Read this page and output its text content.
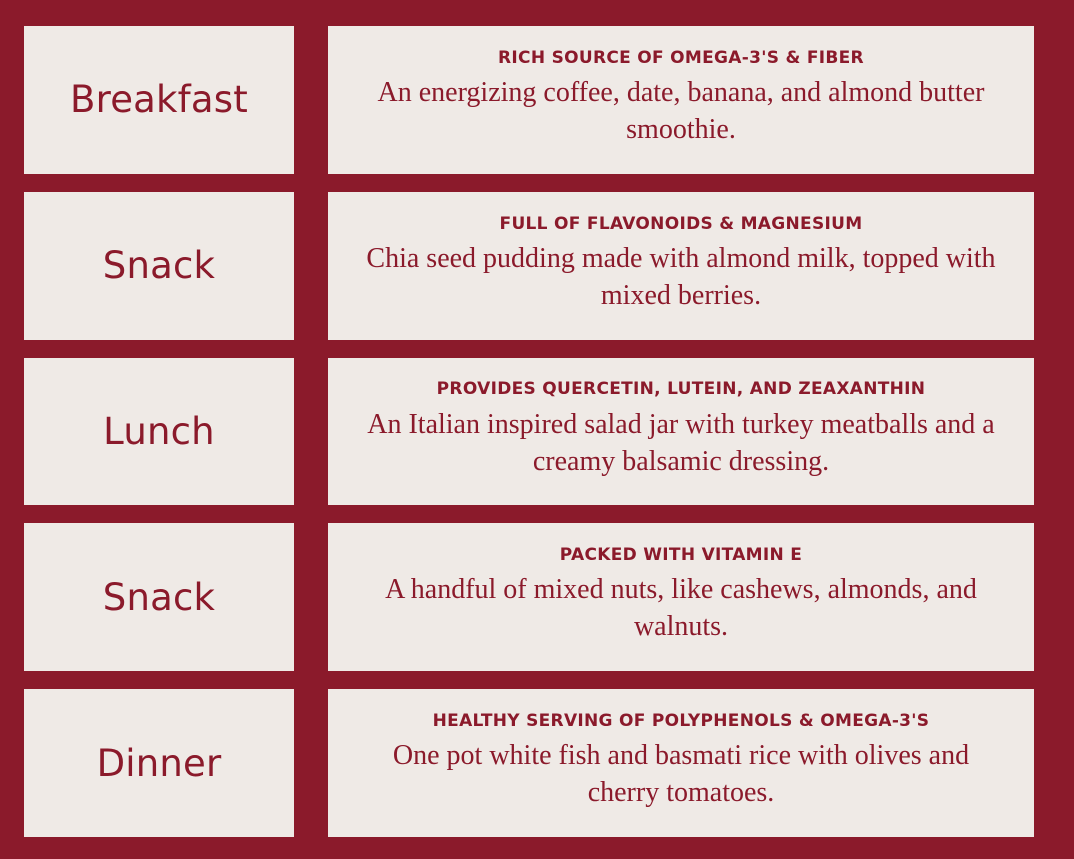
Breakfast
RICH SOURCE OF OMEGA-3'S & FIBER
An energizing coffee, date, banana, and almond butter smoothie.
Snack
FULL OF FLAVONOIDS & MAGNESIUM
Chia seed pudding made with almond milk, topped with mixed berries.
Lunch
PROVIDES QUERCETIN, LUTEIN, AND ZEAXANTHIN
An Italian inspired salad jar with turkey meatballs and a creamy balsamic dressing.
Snack
PACKED WITH VITAMIN E
A handful of mixed nuts, like cashews, almonds, and walnuts.
Dinner
HEALTHY SERVING OF POLYPHENOLS & OMEGA-3'S
One pot white fish and basmati rice with olives and cherry tomatoes.
